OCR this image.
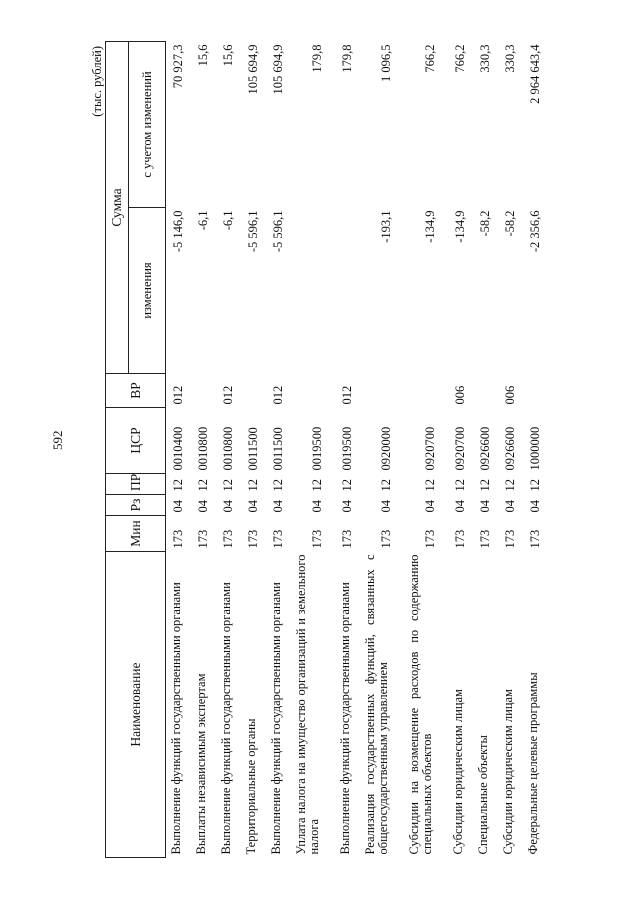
592
(тыс. рублей)
Наименование	Мин	Рз	ПР	ЦСР	ВР	Сумма	
						изменения	с учетом изменений
Выполнение функций государственными органами	173	04	12	0010400	012	-5 146,0	70 927,3
Выплаты независимым экспертам	173	04	12	0010800		-6,1	15,6
Выполнение функций государственными органами	173	04	12	0010800	012	-6,1	15,6
Территориальные органы	173	04	12	0011500		-5 596,1	105 694,9
Выполнение функций государственными органами	173	04	12	0011500	012	-5 596,1	105 694,9
Уплата налога на имущество организаций и земельного налога	173	04	12	0019500			179,8
Выполнение функций государственными органами	173	04	12	0019500	012		179,8
Реализация государственных функций, связанных с общегосударственным управлением	173	04	12	0920000		-193,1	1 096,5
Субсидии на возмещение расходов по содержанию специальных объектов	173	04	12	0920700		-134,9	766,2
Субсидии юридическим лицам	173	04	12	0920700	006	-134,9	766,2
Специальные объекты	173	04	12	0926600		-58,2	330,3
Субсидии юридическим лицам	173	04	12	0926600	006	-58,2	330,3
Федеральные целевые программы	173	04	12	1000000		-2 356,6	2 964 643,4
